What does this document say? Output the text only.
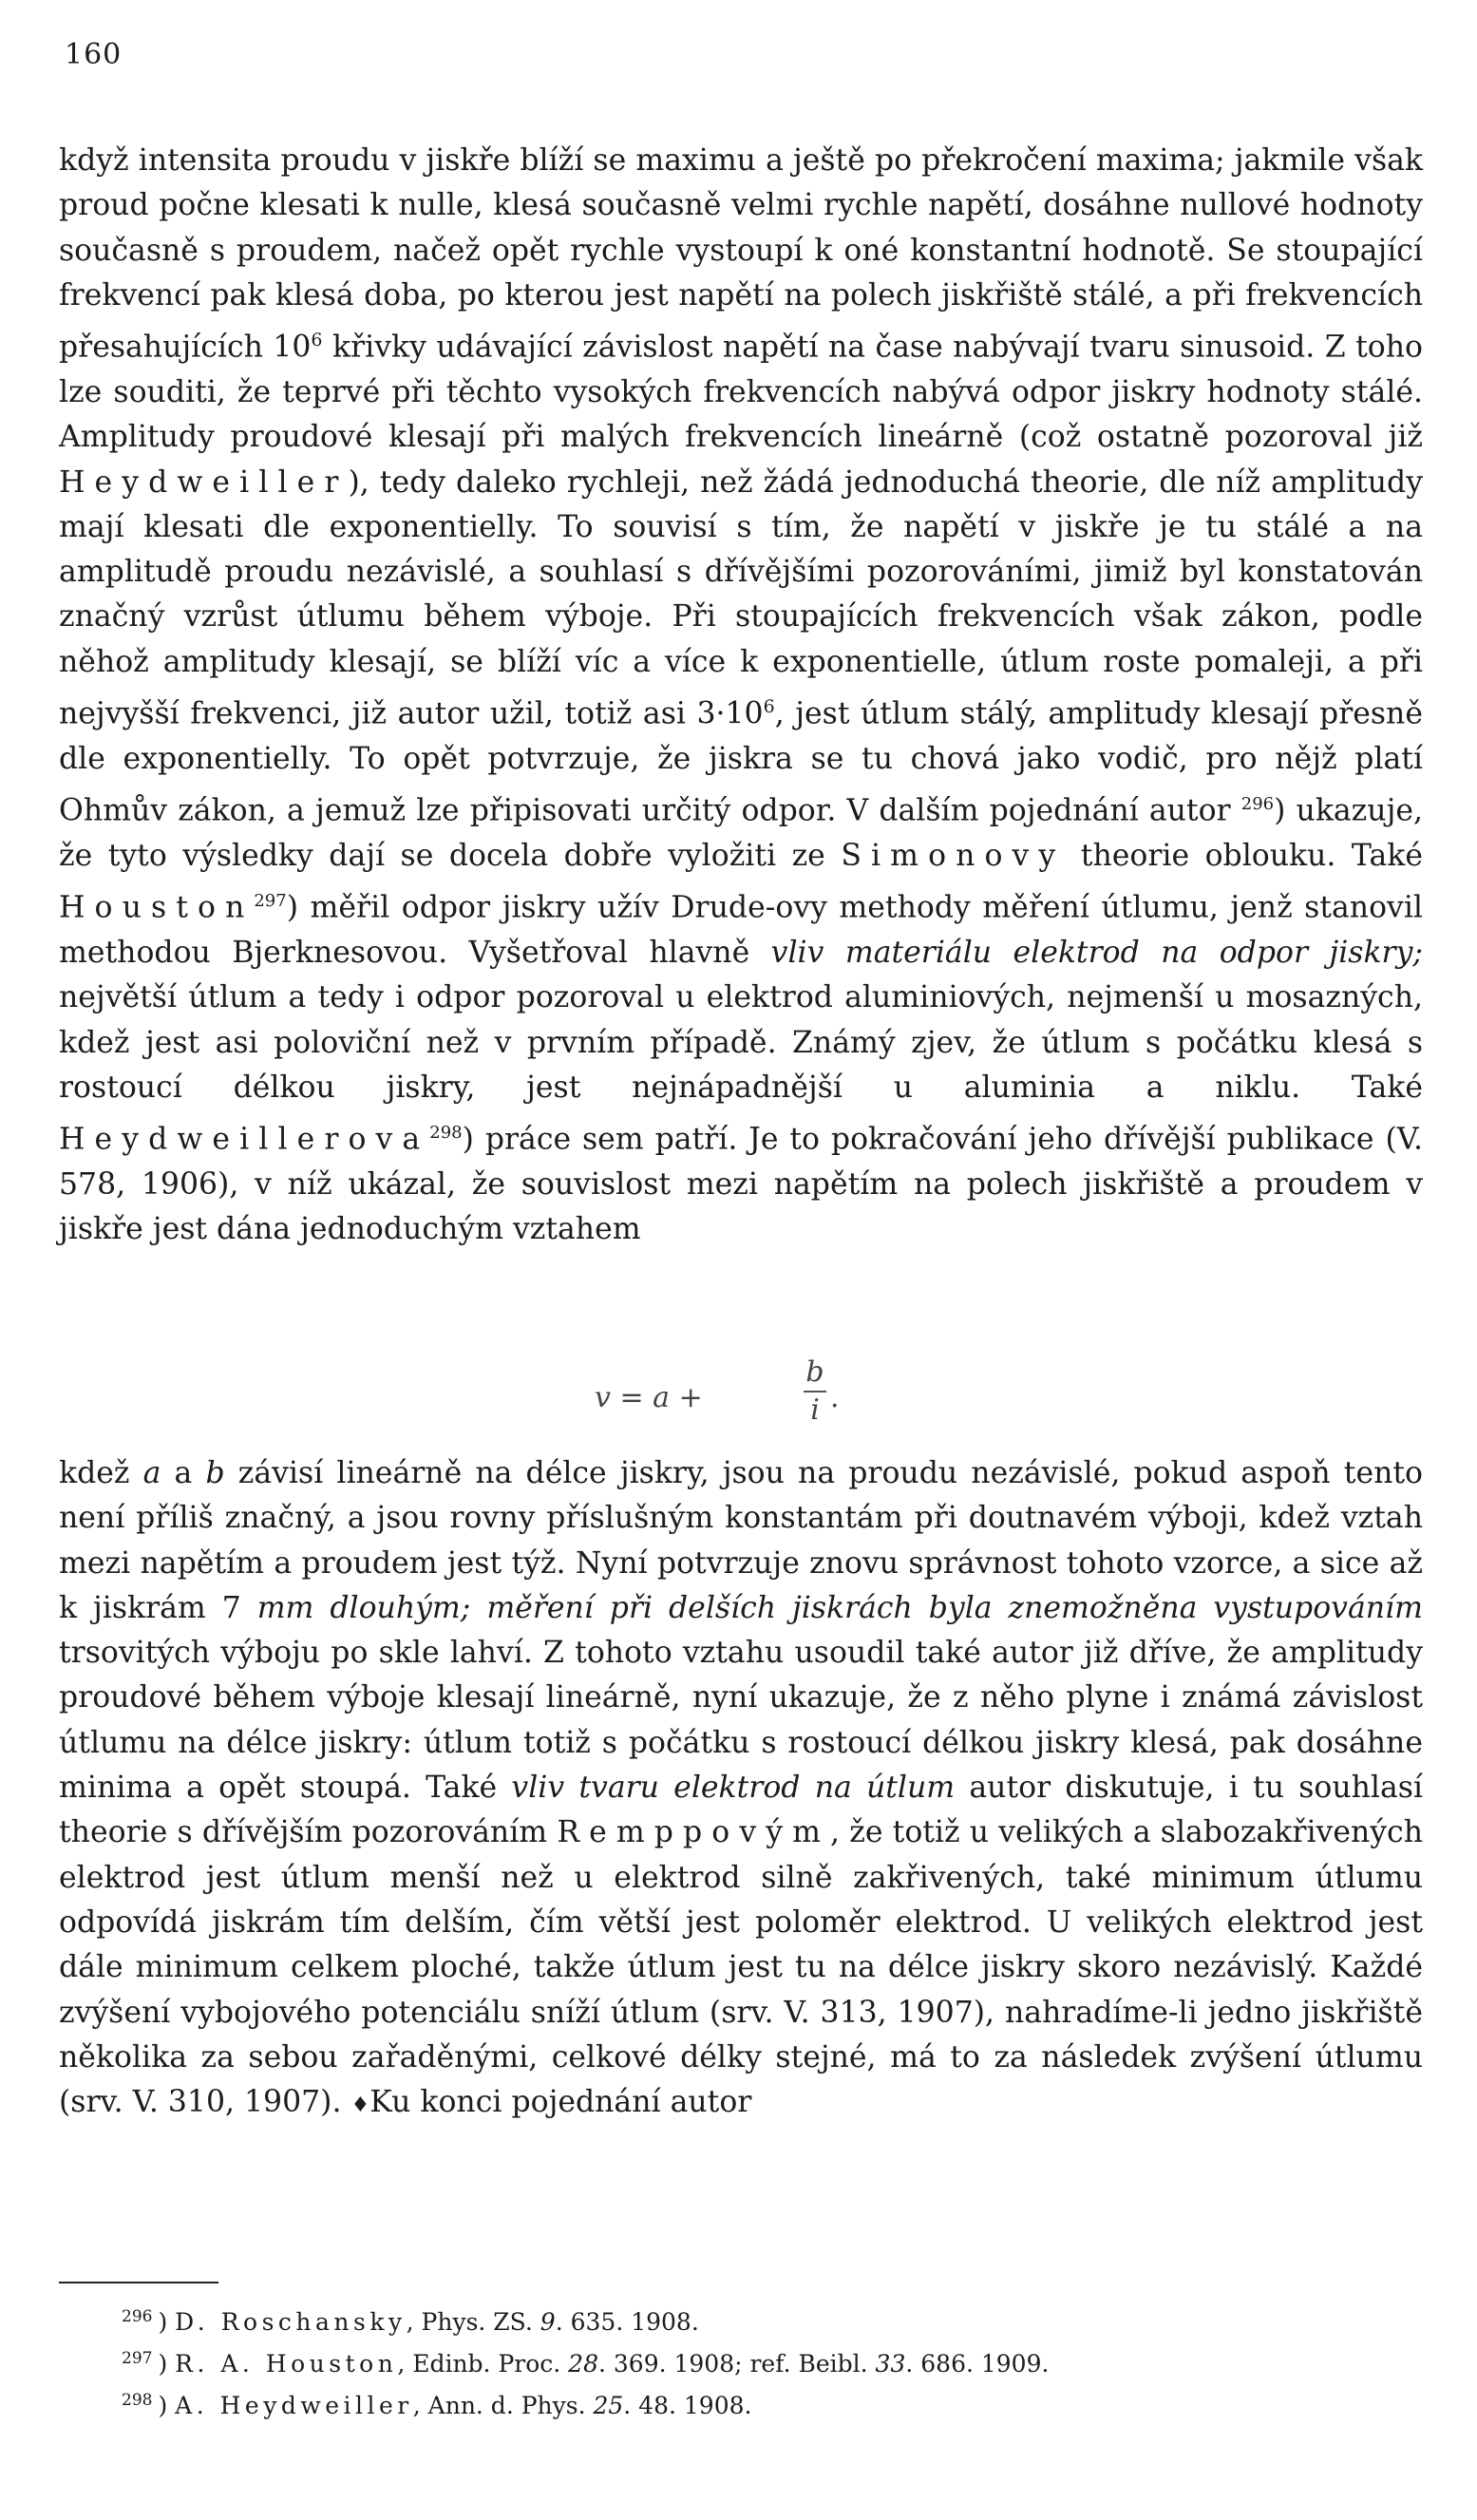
160

když intensita proudu v jiskře blíží se maximu a ještě po překročení maxima; jakmile však proud počne klesati k nulle, klesá současně velmi rychle napětí, dosáhne nullové hodnoty současně s proudem, načež opět rychle vystoupí k oné konstantní hodnotě. Se stoupající frekvencí pak klesá doba, po kterou jest napětí na polech jiskřiště stálé, a při frekvencích přesahujících $10^6$ křivky udávající závislost napětí na čase nabývají tvaru sinusoid. Z toho lze souditi, že teprvé při těchto vysokých frekvencích nabývá odpor jiskry hodnoty stálé. Amplitudy proudové klesají při malých frekvencích lineárně (což ostatně pozoroval již Heydweiller), tedy daleko rychleji, než žádá jednoduchá theorie, dle níž amplitudy mají klesati dle exponentielly. To souvisí s tím, že napětí v jiskře je tu stálé a na amplitudě proudu nezávislé, a souhlasí s dřívějšími pozorováními, jimiž byl konstatován značný vzrůst útlumu během výboje. Při stoupajících frekvencích však zákon, podle něhož amplitudy klesají, se blíží víc a více k exponentielle, útlum roste pomaleji, a při nejvyšší frekvenci, již autor užil, totiž asi $3\cdot 10^6$, jest útlum stálý, amplitudy klesají přesně dle exponentielly. To opět potvrzuje, že jiskra se tu chová jako vodič, pro nějž platí Ohmův zákon, a jemuž lze připisovati určitý odpor. V dalším pojednání autor $^{296}$) ukazuje, že tyto výsledky dají se docela dobře vyložiti ze Simonovy theorie oblouku. Také Houston$^{297}$) měřil odpor jiskry užív Drude-ovy methody měření útlumu, jenž stanovil methodou Bjerknesovou. Vyšetřoval hlavně vliv materiálu elektrod na odpor jiskry; největší útlum a tedy i odpor pozoroval u elektrod aluminiových, nejmenší u mosazných, kdež jest asi poloviční než v prvním případě. Známý zjev, že útlum s počátku klesá s rostoucí délkou jiskry, jest nejnápadnější u aluminia a niklu. Také Heydweillerova$^{298}$) práce sem patří. Je to pokračování jeho dřívější publikace (V. 578, 1906), v níž ukázal, že souvislost mezi napětím na polech jiskřiště a proudem v jiskře jest dána jednoduchým vztahem

v = a +
b
i .

kdež a a b závisí lineárně na délce jiskry, jsou na proudu nezávislé, pokud aspoň tento není příliš značný, a jsou rovny příslušným konstantám při doutnavém výboji, kdež vztah mezi napětím a proudem jest týž. Nyní potvrzuje znovu správnost tohoto vzorce, a sice až k jiskrám 7 mm dlouhým; měření při delších jiskrách byla znemožněna vystupováním trsovitých výboju po skle lahví. Z tohoto vztahu usoudil také autor již dříve, že amplitudy proudové během výboje klesají lineárně, nyní ukazuje, že z něho plyne i známá závislost útlumu na délce jiskry: útlum totiž s počátku s rostoucí délkou jiskry klesá, pak dosáhne minima a opět stoupá. Také vliv tvaru elektrod na útlum autor diskutuje, i tu souhlasí theorie s dřívějším pozorováním Remppovým, že totiž u velikých a slabozakřivených elektrod jest útlum menší než u elektrod silně zakřivených, také minimum útlumu odpovídá jiskrám tím delším, čím větší jest poloměr elektrod. U velikých elektrod jest dále minimum celkem ploché, takže útlum jest tu na délce jiskry skoro nezávislý. Každé zvýšení vybojového potenciálu sníží útlum (srv. V. 313, 1907), nahradíme-li jedno jiskřiště několika za sebou zařaděnými, celkové délky stejné, má to za následek zvýšení útlumu (srv. V. 310, 1907). ♦Ku konci pojednání autor

$^{296}$ ) D. Roschansky, Phys. ZS. 9. 635. 1908.
$^{297}$ ) R. A. Houston, Edinb. Proc. 28. 369. 1908; ref. Beibl. 33. 686. 1909.
$^{298}$ ) A. Heydweiller, Ann. d. Phys. 25. 48. 1908.
